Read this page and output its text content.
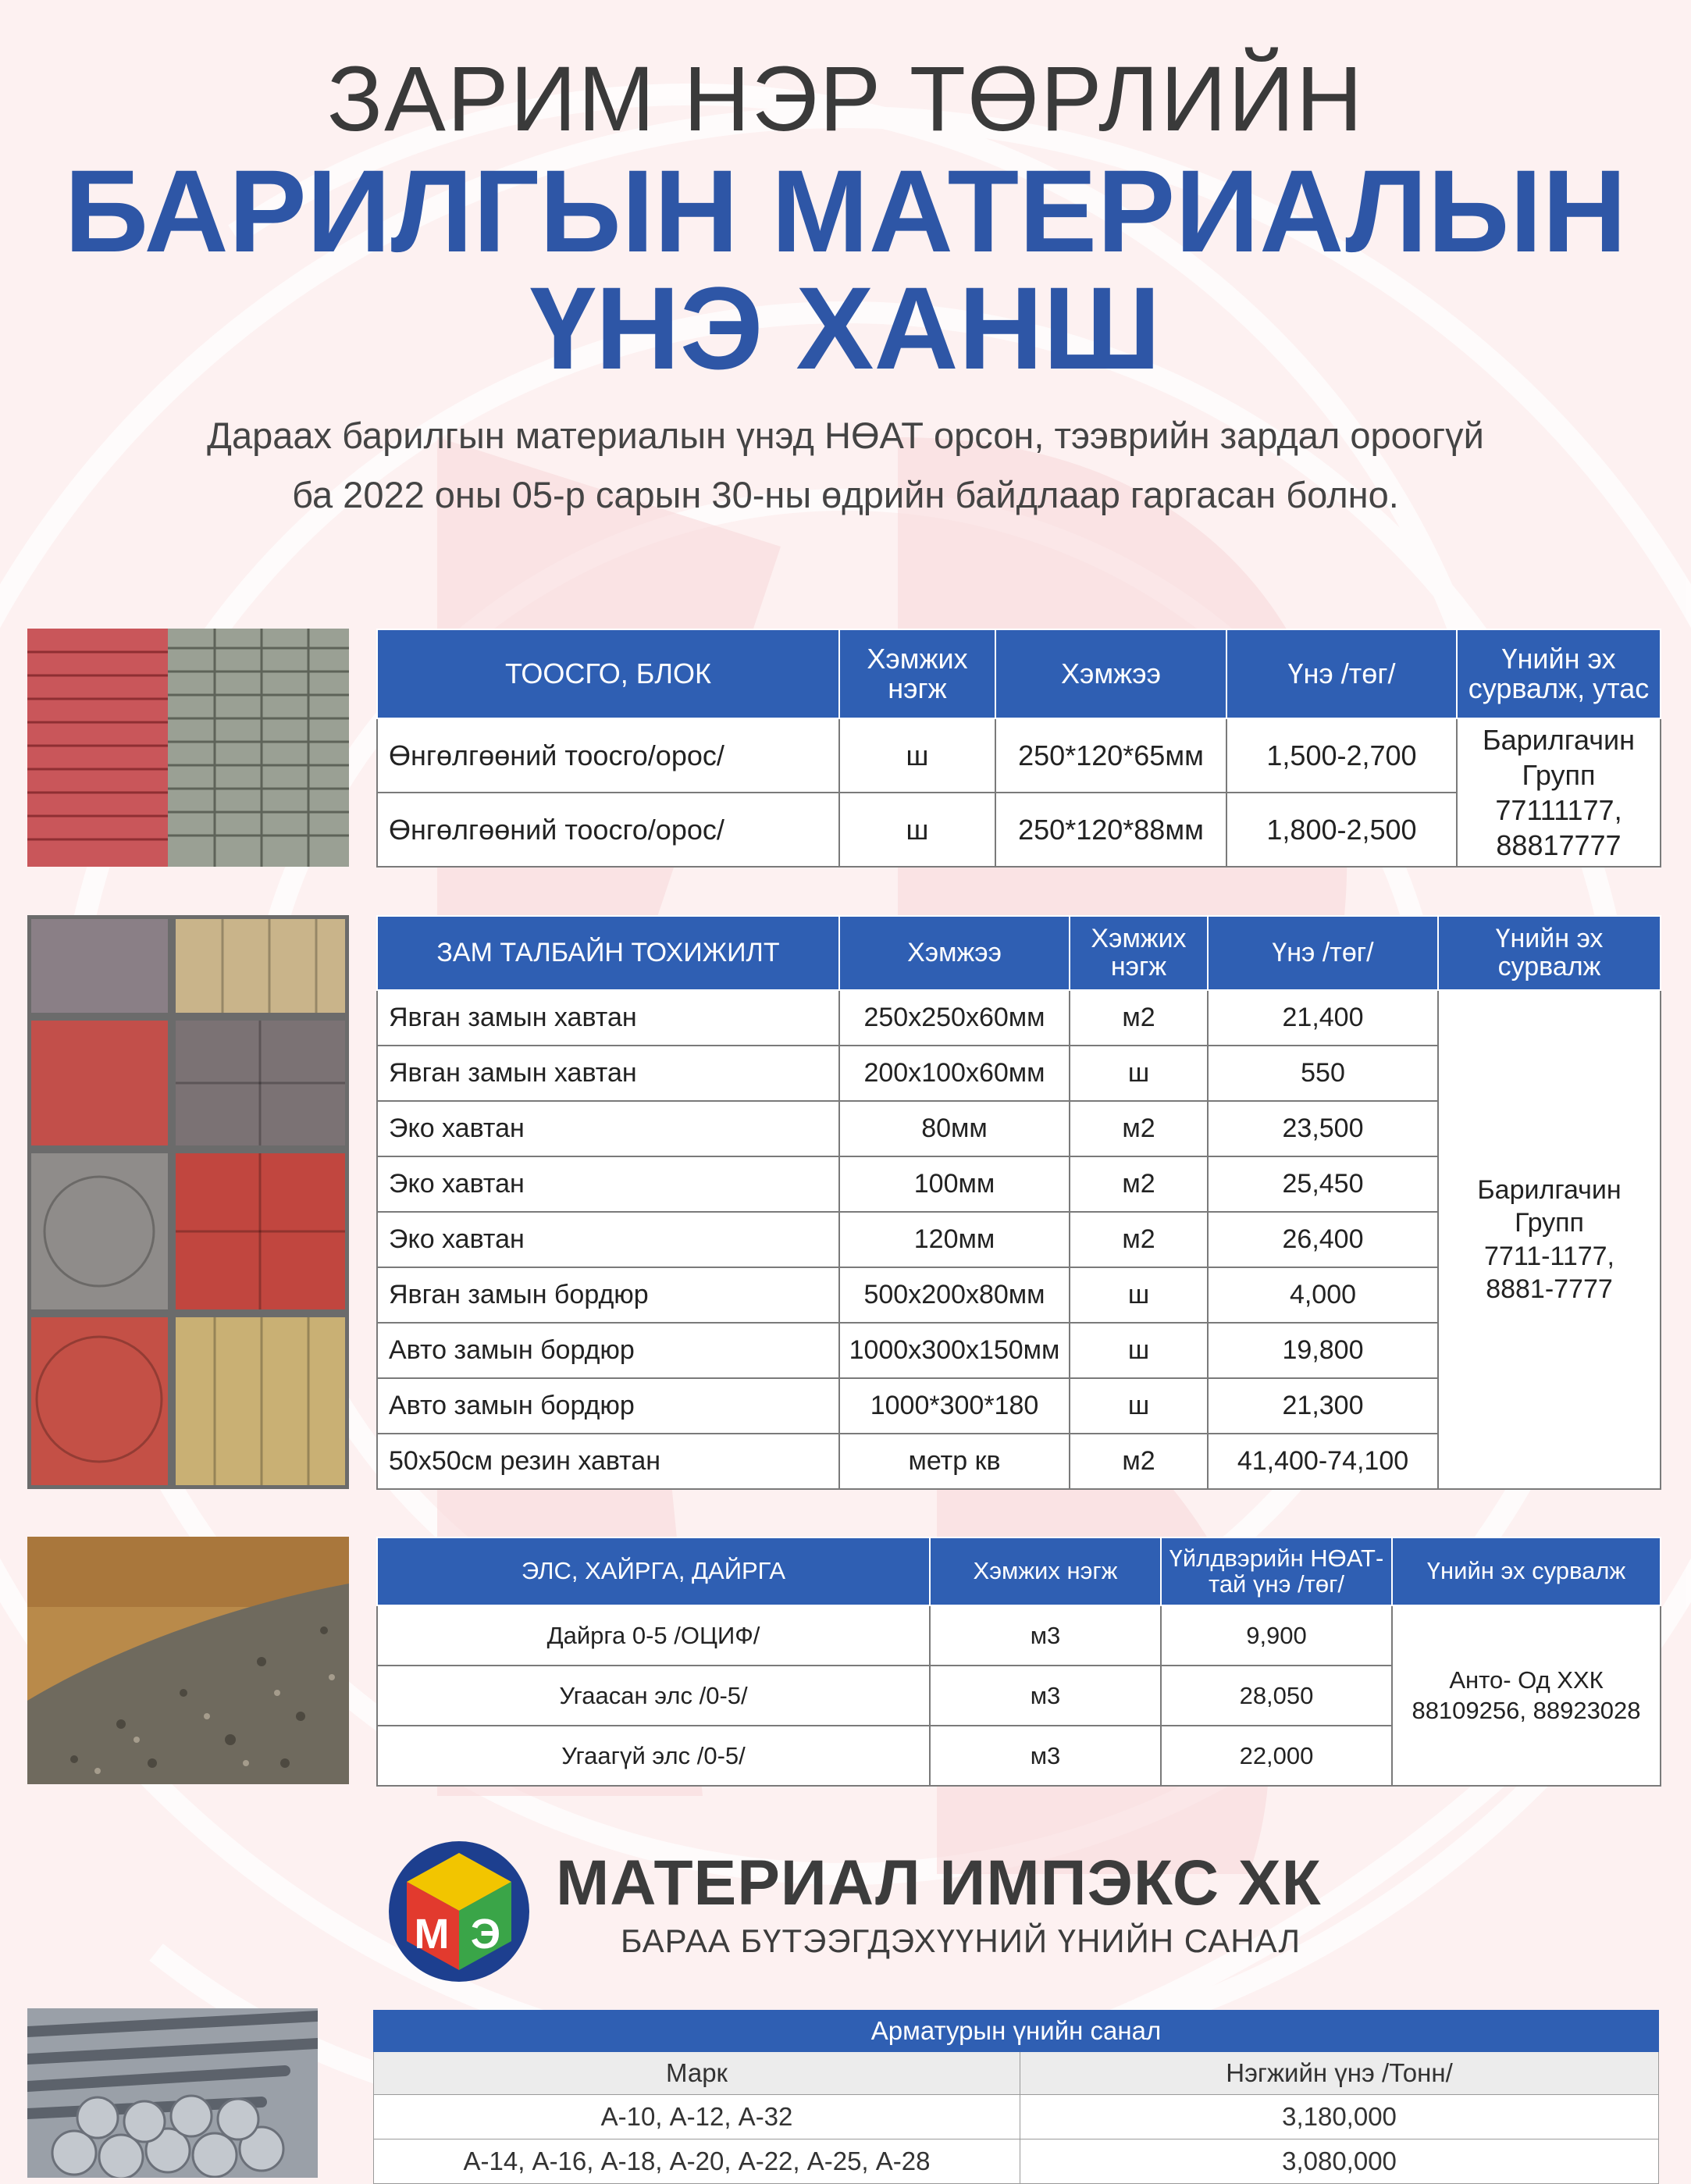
ЗАРИМ НЭР ТӨРЛИЙН
БАРИЛГЫН МАТЕРИАЛЫН
ҮНЭ ХАНШ
Дараах барилгын материалын үнэд НӨАТ орсон, тээврийн зардал ороогүй
ба 2022 оны 05-р сарын 30-ны өдрийн байдлаар гаргасан болно.
ТООСГО, БЛОК	Хэмжих нэгж	Хэмжээ	Үнэ /төг/	Үнийн эх сурвалж, утас
Өнгөлгөөний тоосго/орос/	ш	250*120*65мм	1,500-2,700	Барилгачин
Групп
77111177,
88817777

Өнгөлгөөний тоосго/орос/	ш	250*120*88мм	1,800-2,500	
ЗАМ ТАЛБАЙН ТОХИЖИЛТ	Хэмжээ	Хэмжих нэгж	Үнэ /төг/	Үнийн эх сурвалж
Явган замын хавтан	250х250х60мм	м2	21,400	Барилгачин
Групп
7711-1177,
8881-7777

Явган замын хавтан	200х100х60мм	ш	550	
Эко хавтан	80мм	м2	23,500	
Эко хавтан	100мм	м2	25,450	
Эко хавтан	120мм	м2	26,400	
Явган замын бордюр	500х200х80мм	ш	4,000	
Авто замын бордюр	1000х300х150мм	ш	19,800	
Авто замын бордюр	1000*300*180	ш	21,300	
50х50см резин хавтан	метр кв	м2	41,400-74,100	
ЭЛС, ХАЙРГА, ДАЙРГА	Хэмжих нэгж	Үйлдвэрийн НӨАТ-тай үнэ /төг/	Үнийн эх сурвалж
Дайрга 0-5 /ОЦИФ/	м3	9,900	Анто- Од ХХК
88109256, 88923028

Угаасан элс /0-5/	м3	28,050	
Угаагүй элс /0-5/	м3	22,000	
М Э
МАТЕРИАЛ ИМПЭКС ХК
БАРАА БҮТЭЭГДЭХҮҮНИЙ ҮНИЙН САНАЛ
Арматурын үнийн санал	
Марк	Нэгжийн үнэ /Тонн/
А-10, А-12, А-32	3,180,000
А-14, А-16, А-18, А-20, А-22, А-25, А-28	3,080,000
